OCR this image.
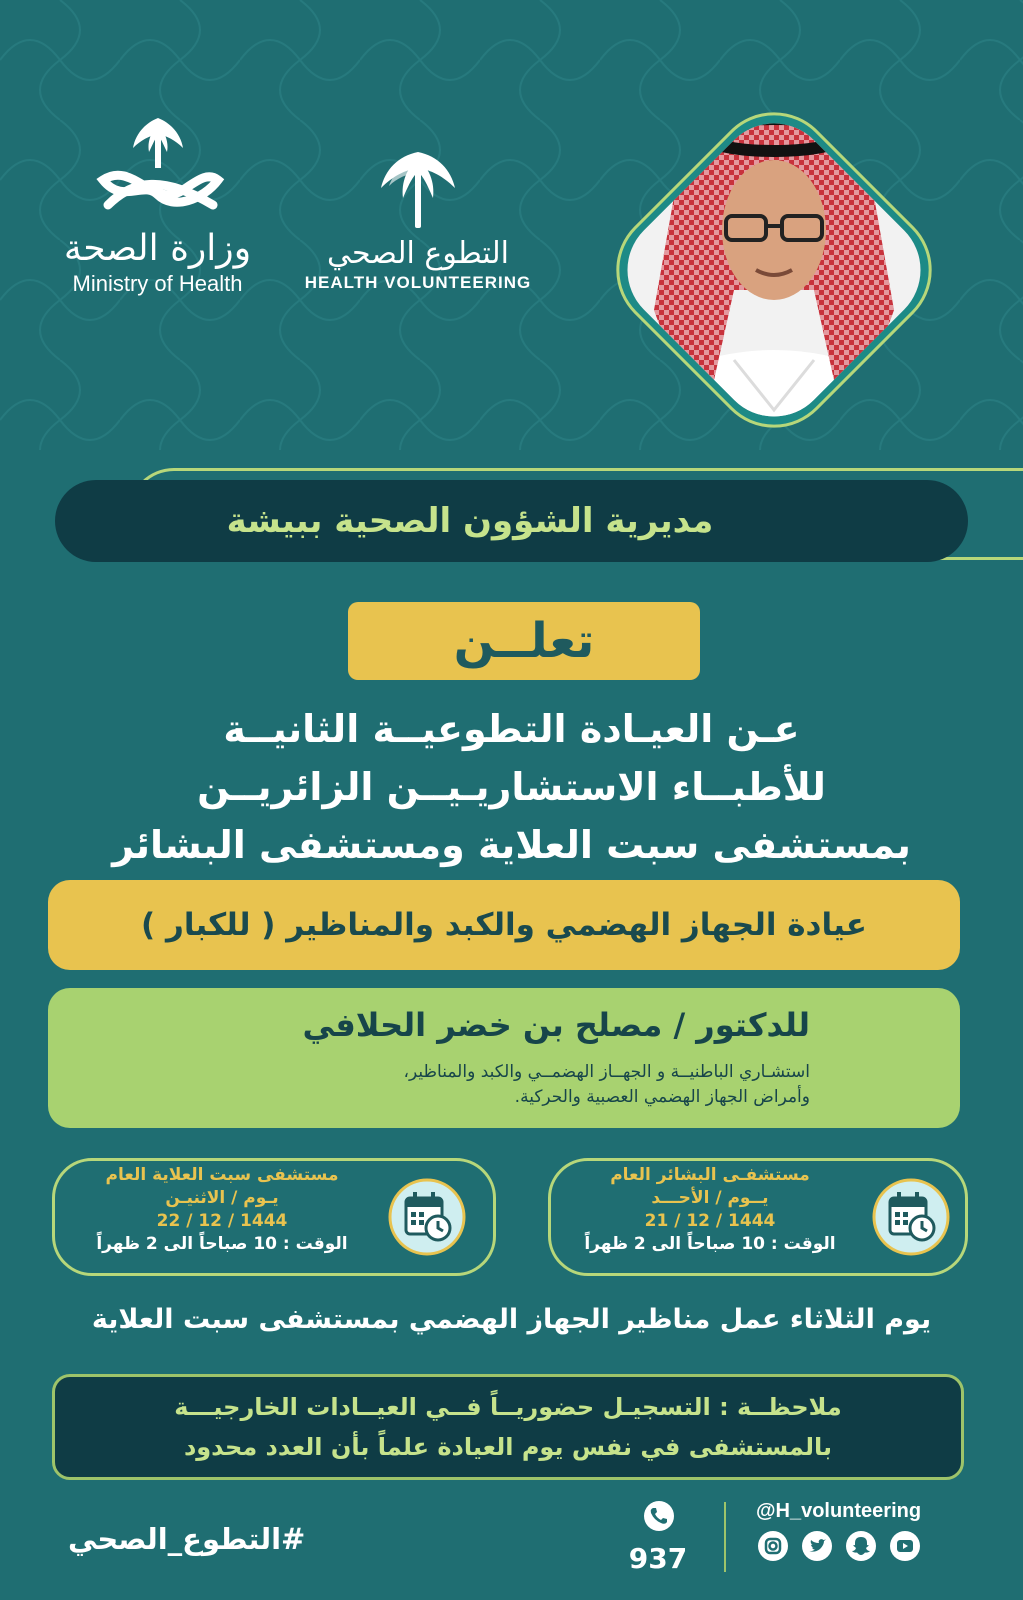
وزارة الصحة
Ministry of Health
التطوع الصحي
HEALTH VOLUNTEERING
مديرية الشؤون الصحية ببيشة
تعلــن
عـن العيـادة التطوعيــة الثانيــة
للأطبــاء الاستشاريـيــن الزائريــن
بمستشفى سبت العلاية ومستشفى البشائر
عيادة الجهاز الهضمي والكبد والمناظير ( للكبار )
للدكتور / مصلح بن خضر الحلافي
استشـاري الباطنيــة و الجهــاز الهضمــي والكبد والمناظير،
وأمراض الجهاز الهضمي العصبية والحركية.
مستشفى سبت العلاية العام
يـوم / الاثنيـن
1444 / 12 / 22
الوقت : 10 صباحاً الى 2 ظهراً
مستشفـى البشائر العام
يــوم / الأحـــد
1444 / 12 / 21
الوقت : 10 صباحاً الى 2 ظهراً
يوم الثلاثاء عمل مناظير الجهاز الهضمي بمستشفى سبت العلاية
ملاحظــة : التسجيـل حضوريــاً فــي العيــادات الخارجيـــة
بالمستشفى في نفس يوم العيادة علماً بأن العدد محدود
#التطوع_الصحي
937
@H_volunteering
